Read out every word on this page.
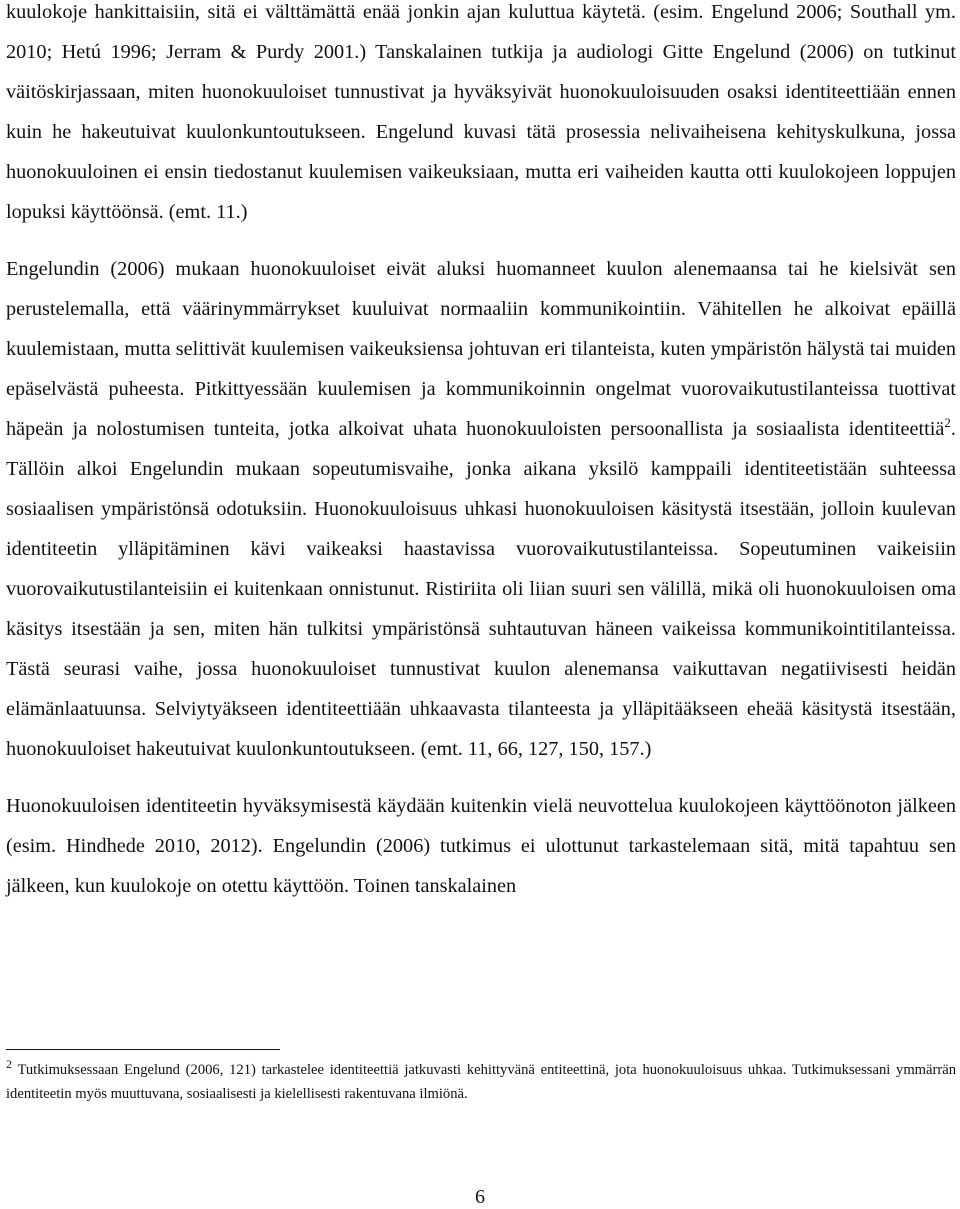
kuulokoje hankittaisiin, sitä ei välttämättä enää jonkin ajan kuluttua käytetä. (esim. Engelund 2006; Southall ym. 2010; Hetú 1996; Jerram & Purdy 2001.) Tanskalainen tutkija ja audiologi Gitte Engelund (2006) on tutkinut väitöskirjassaan, miten huonokuuloiset tunnustivat ja hyväksyivät huonokuuloisuuden osaksi identiteettiään ennen kuin he hakeutuivat kuulonkuntoutukseen. Engelund kuvasi tätä prosessia nelivaiheisena kehityskulkuna, jossa huonokuuloinen ei ensin tiedostanut kuulemisen vaikeuksiaan, mutta eri vaiheiden kautta otti kuulokojeen loppujen lopuksi käyttöönsä. (emt. 11.)

Engelundin (2006) mukaan huonokuuloiset eivät aluksi huomanneet kuulon alenemaansa tai he kielsivät sen perustelemalla, että väärinymmärrykset kuuluivat normaaliin kommunikointiin. Vähitellen he alkoivat epäillä kuulemistaan, mutta selittivät kuulemisen vaikeuksiensa johtuvan eri tilanteista, kuten ympäristön hälystä tai muiden epäselvästä puheesta. Pitkittyessään kuulemisen ja kommunikoinnin ongelmat vuorovaikutustilanteissa tuottivat häpeän ja nolostumisen tunteita, jotka alkoivat uhata huonokuuloisten persoonallista ja sosiaalista identiteettiä$^2$. Tällöin alkoi Engelundin mukaan sopeutumisvaihe, jonka aikana yksilö kamppaili identiteetistään suhteessa sosiaalisen ympäristönsä odotuksiin. Huonokuuloisuus uhkasi huonokuuloisen käsitystä itsestään, jolloin kuulevan identiteetin ylläpitäminen kävi vaikeaksi haastavissa vuorovaikutustilanteissa. Sopeutuminen vaikeisiin vuorovaikutustilanteisiin ei kuitenkaan onnistunut. Ristiriita oli liian suuri sen välillä, mikä oli huonokuuloisen oma käsitys itsestään ja sen, miten hän tulkitsi ympäristönsä suhtautuvan häneen vaikeissa kommunikointitilanteissa. Tästä seurasi vaihe, jossa huonokuuloiset tunnustivat kuulon alenemansa vaikuttavan negatiivisesti heidän elämänlaatuunsa. Selviytyäkseen identiteettiään uhkaavasta tilanteesta ja ylläpitääkseen eheää käsitystä itsestään, huonokuuloiset hakeutuivat kuulonkuntoutukseen. (emt. 11, 66, 127, 150, 157.)

Huonokuuloisen identiteetin hyväksymisestä käydään kuitenkin vielä neuvottelua kuulokojeen käyttöönoton jälkeen (esim. Hindhede 2010, 2012). Engelundin (2006) tutkimus ei ulottunut tarkastelemaan sitä, mitä tapahtuu sen jälkeen, kun kuulokoje on otettu käyttöön. Toinen tanskalainen

$^2$ Tutkimuksessaan Engelund (2006, 121) tarkastelee identiteettiä jatkuvasti kehittyvänä entiteettinä, jota huonokuuloisuus uhkaa. Tutkimuksessani ymmärrän identiteetin myös muuttuvana, sosiaalisesti ja kielellisesti rakentuvana ilmiönä.
6
